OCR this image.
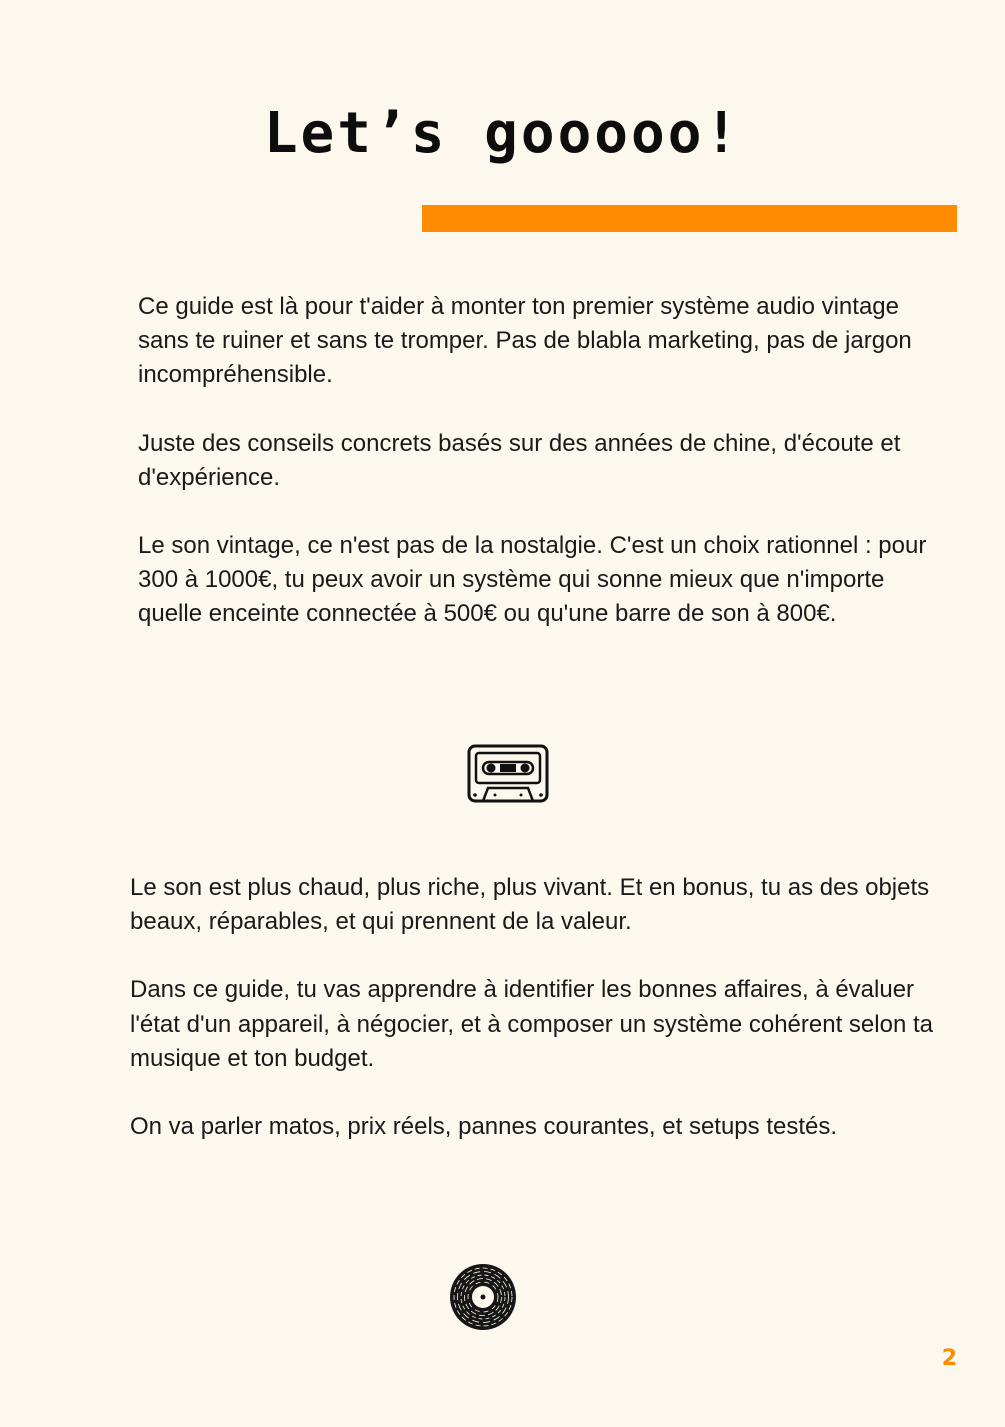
Let’s gooooo!

Ce guide est là pour t'aider à monter ton premier système audio vintage sans te ruiner et sans te tromper. Pas de blabla marketing, pas de jargon incompréhensible.

Juste des conseils concrets basés sur des années de chine, d'écoute et d'expérience.

Le son vintage, ce n'est pas de la nostalgie. C'est un choix rationnel : pour 300 à 1000€, tu peux avoir un système qui sonne mieux que n'importe quelle enceinte connectée à 500€ ou qu'une barre de son à 800€.

Le son est plus chaud, plus riche, plus vivant. Et en bonus, tu as des objets beaux, réparables, et qui prennent de la valeur.

Dans ce guide, tu vas apprendre à identifier les bonnes affaires, à évaluer l'état d'un appareil, à négocier, et à composer un système cohérent selon ta musique et ton budget.

On va parler matos, prix réels, pannes courantes, et setups testés.

2
